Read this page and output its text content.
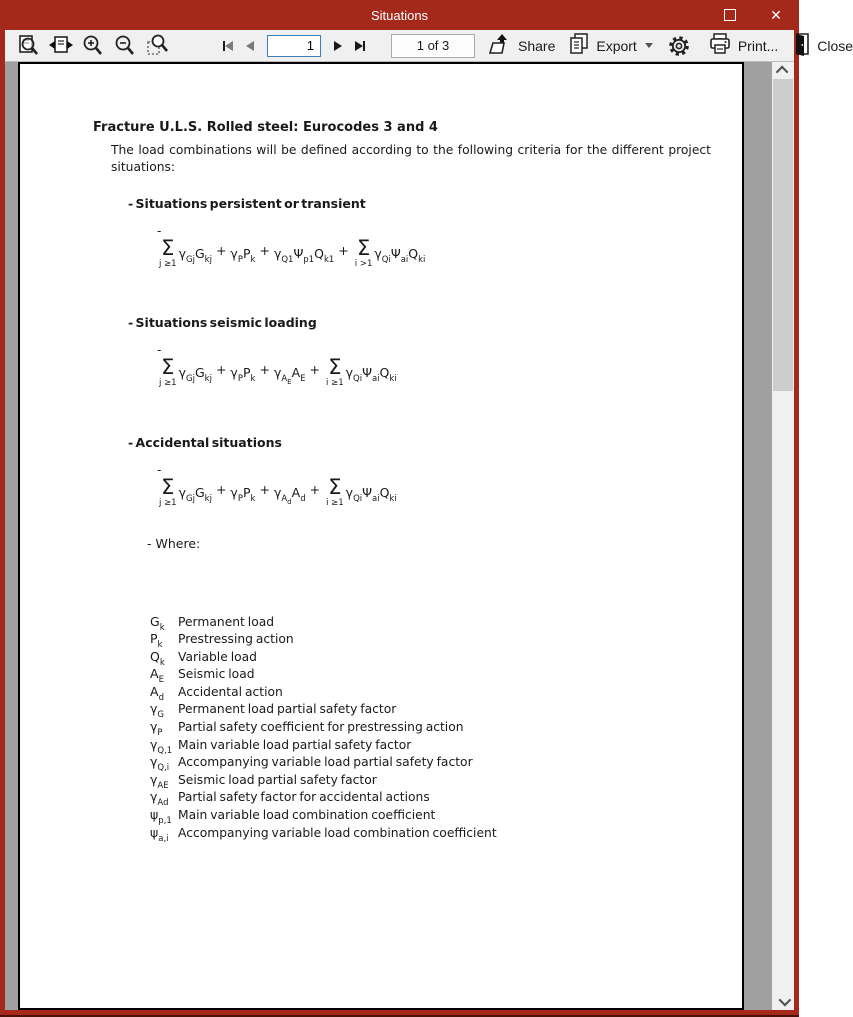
Situations	✕
1
1 of 3	Share	Export	Print...	Close
Fracture U.L.S. Rolled steel: Eurocodes 3 and 4
The load combinations will be defined according to the following criteria for the different project situations:
- Situations persistent or transient
-
Σ
j ≥1
γ Gj G kj
+ γ P P k
+ γ Q1 Ψ p1 Q k1
+ Σ
i >1
γ Qi Ψ ai Q ki
- Situations seismic loading
-
Σ
j ≥1
γ Gj G kj
+ γ P P k
+ γ $A_E$
A E
+ Σ
i ≥1
γ Qi Ψ ai Q ki
- Accidental situations
-
Σ
j ≥1
γ Gj G kj
+ γ P P k
+ γ $A_d$
A d
+ Σ
i ≥1
γ Qi Ψ ai Q ki
- Where:
$G_k$	Permanent load
$P_k$	Prestressing action
$Q_k$	Variable load
$A_E$	Seismic load
$A_d$	Accidental action
$\gamma_G$	Permanent load partial safety factor
$\gamma_P$	Partial safety coefficient for prestressing action
$\gamma_{Q,1}$ Main variable load partial safety factor
$\gamma_{Q,i}$ Accompanying variable load partial safety factor
$\gamma_{AE}$ Seismic load partial safety factor
$\gamma_{Ad}$ Partial safety factor for accidental actions
$\psi_{p,1}$ Main variable load combination coefficient
$\psi_{a,i}$ Accompanying variable load combination coefficient
